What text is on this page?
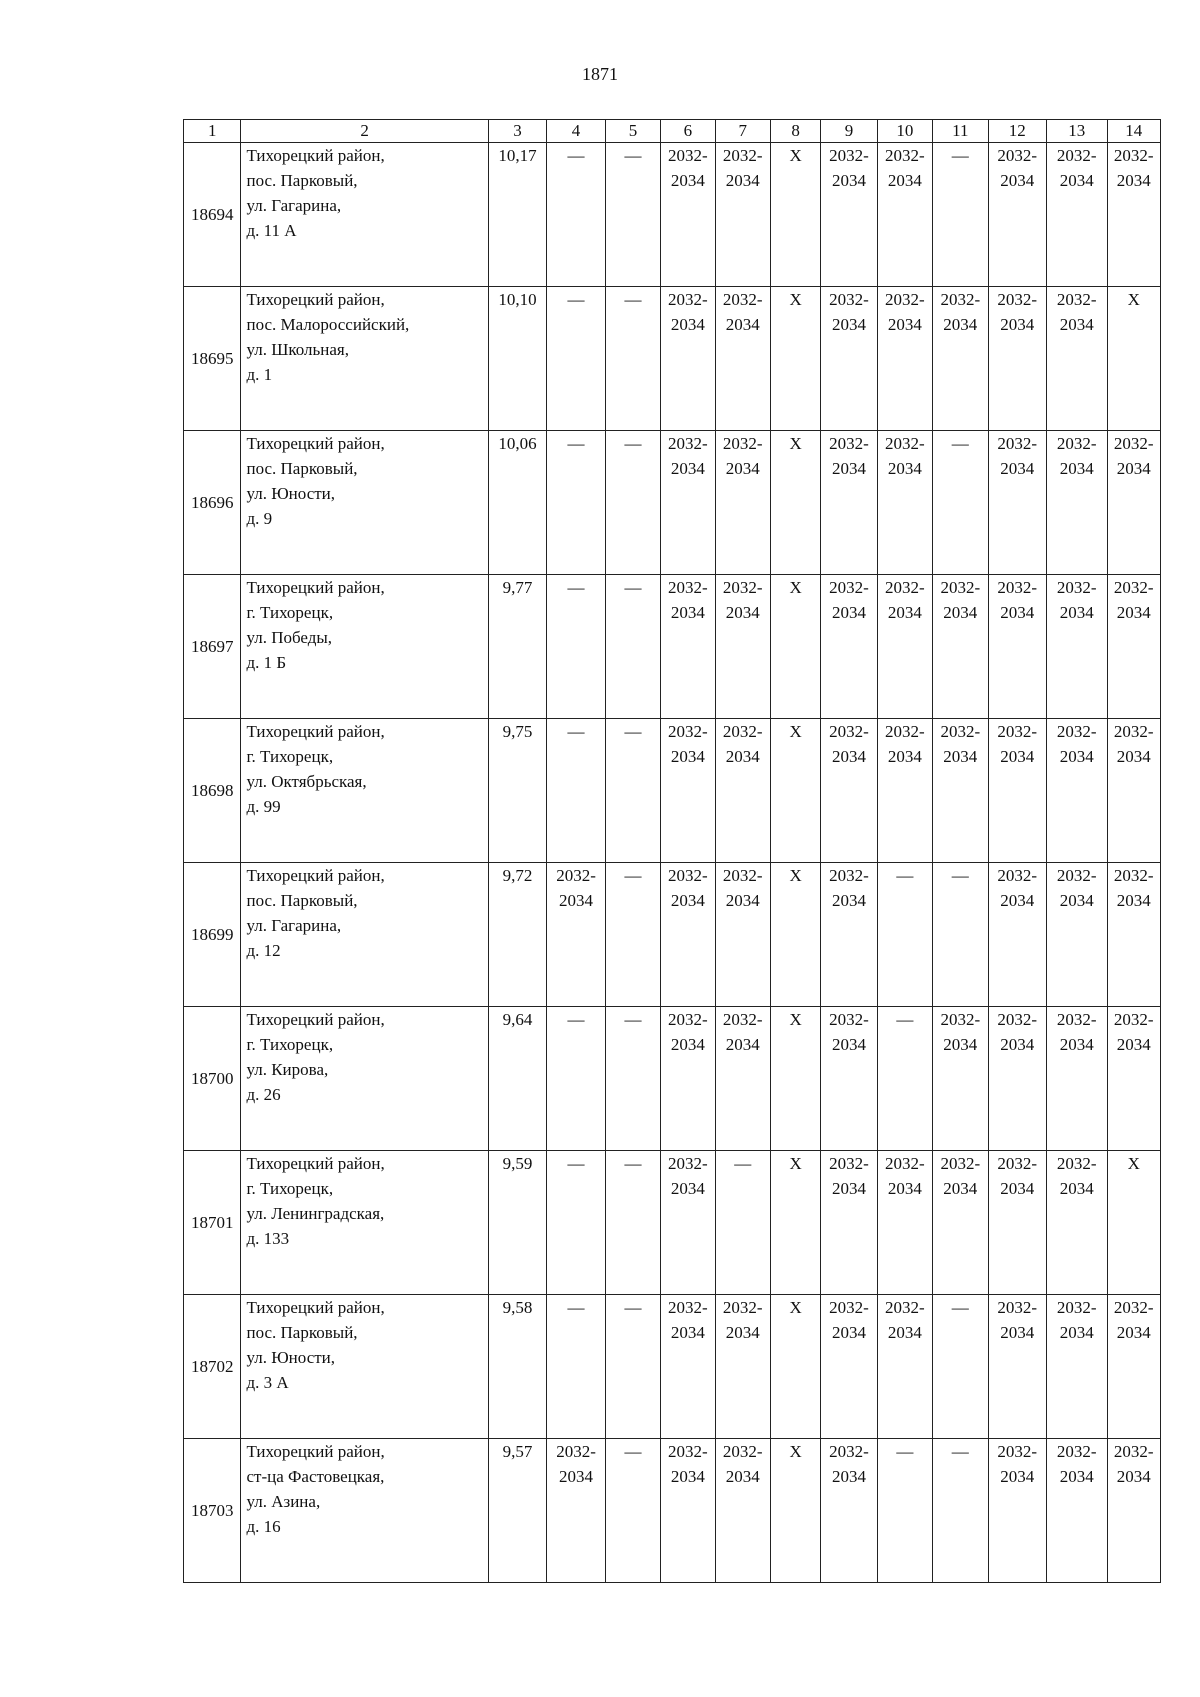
1871
1	2	3	4	5	6	7	8	9	10	11	12	13	14
18694	Тихорецкий район,
пос. Парковый,
ул. Гагарина,
д. 11 А	10,17	—	—	2032-
2034	2032-
2034	Х	2032-
2034	2032-
2034	—	2032-
2034	2032-
2034	2032-
2034

18695	Тихорецкий район,
пос. Малороссийский,
ул. Школьная,
д. 1	10,10	—	—	2032-
2034	2032-
2034	Х	2032-
2034	2032-
2034	2032-
2034	2032-
2034	2032-
2034	Х

18696	Тихорецкий район,
пос. Парковый,
ул. Юности,
д. 9	10,06	—	—	2032-
2034	2032-
2034	Х	2032-
2034	2032-
2034	—	2032-
2034	2032-
2034	2032-
2034

18697	Тихорецкий район,
г. Тихорецк,
ул. Победы,
д. 1 Б	9,77	—	—	2032-
2034	2032-
2034	Х	2032-
2034	2032-
2034	2032-
2034	2032-
2034	2032-
2034	2032-
2034

18698	Тихорецкий район,
г. Тихорецк,
ул. Октябрьская,
д. 99	9,75	—	—	2032-
2034	2032-
2034	Х	2032-
2034	2032-
2034	2032-
2034	2032-
2034	2032-
2034	2032-
2034

18699	Тихорецкий район,
пос. Парковый,
ул. Гагарина,
д. 12	9,72	2032-
2034	—	2032-
2034	2032-
2034	Х	2032-
2034	—	—	2032-
2034	2032-
2034	2032-
2034

18700	Тихорецкий район,
г. Тихорецк,
ул. Кирова,
д. 26	9,64	—	—	2032-
2034	2032-
2034	Х	2032-
2034	—	2032-
2034	2032-
2034	2032-
2034	2032-
2034

18701	Тихорецкий район,
г. Тихорецк,
ул. Ленинградская,
д. 133	9,59	—	—	2032-
2034	—	Х	2032-
2034	2032-
2034	2032-
2034	2032-
2034	2032-
2034	Х

18702	Тихорецкий район,
пос. Парковый,
ул. Юности,
д. 3 А	9,58	—	—	2032-
2034	2032-
2034	Х	2032-
2034	2032-
2034	—	2032-
2034	2032-
2034	2032-
2034

18703	Тихорецкий район,
ст-ца Фастовецкая,
ул. Азина,
д. 16	9,57	2032-
2034	—	2032-
2034	2032-
2034	Х	2032-
2034	—	—	2032-
2034	2032-
2034	2032-
2034
